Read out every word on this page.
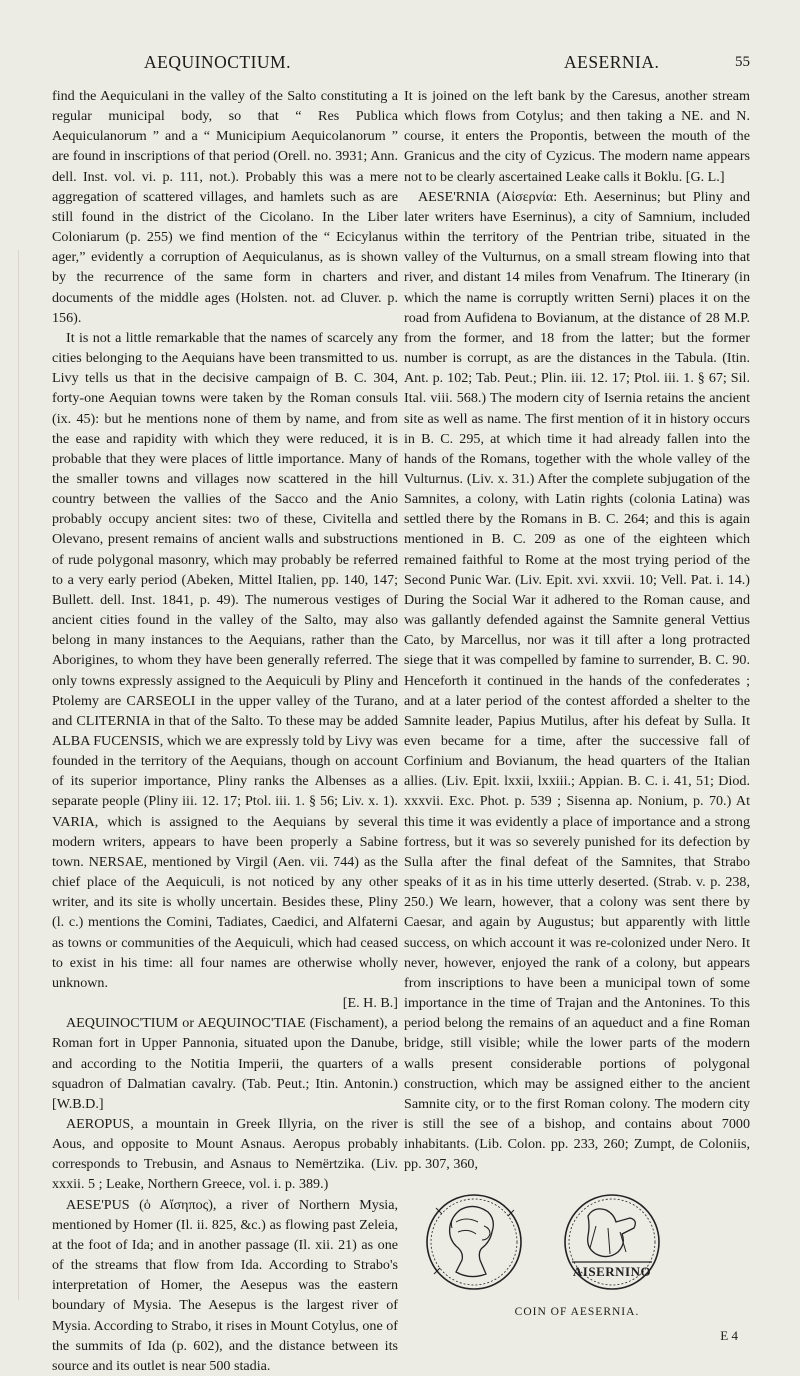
AEQUINOCTIUM.	AESERNIA.	55

find the Aequiculani in the valley of the Salto constituting a regular municipal body, so that “ Res Publica Aequiculanorum ” and a “ Municipium Aequicolanorum ” are found in inscriptions of that period (Orell. no. 3931; Ann. dell. Inst. vol. vi. p. 111, not.). Probably this was a mere aggregation of scattered villages, and hamlets such as are still found in the district of the Cicolano. In the Liber Coloniarum (p. 255) we find mention of the “ Ecicylanus ager,” evidently a corruption of Aequiculanus, as is shown by the recurrence of the same form in charters and documents of the middle ages (Holsten. not. ad Cluver. p. 156).

It is not a little remarkable that the names of scarcely any cities belonging to the Aequians have been transmitted to us. Livy tells us that in the decisive campaign of B. C. 304, forty-one Aequian towns were taken by the Roman consuls (ix. 45): but he mentions none of them by name, and from the ease and rapidity with which they were reduced, it is probable that they were places of little importance. Many of the smaller towns and villages now scattered in the hill country between the vallies of the Sacco and the Anio probably occupy ancient sites: two of these, Civitella and Olevano, present remains of ancient walls and substructions of rude polygonal masonry, which may probably be referred to a very early period (Abeken, Mittel Italien, pp. 140, 147; Bullett. dell. Inst. 1841, p. 49). The numerous vestiges of ancient cities found in the valley of the Salto, may also belong in many instances to the Aequians, rather than the Aborigines, to whom they have been generally referred. The only towns expressly assigned to the Aequiculi by Pliny and Ptolemy are CARSEOLI in the upper valley of the Turano, and CLITERNIA in that of the Salto. To these may be added ALBA FUCENSIS, which we are expressly told by Livy was founded in the territory of the Aequians, though on account of its superior importance, Pliny ranks the Albenses as a separate people (Pliny iii. 12. 17; Ptol. iii. 1. § 56; Liv. x. 1). VARIA, which is assigned to the Aequians by several modern writers, appears to have been properly a Sabine town. NERSAE, mentioned by Virgil (Aen. vii. 744) as the chief place of the Aequiculi, is not noticed by any other writer, and its site is wholly uncertain. Besides these, Pliny (l. c.) mentions the Comini, Tadiates, Caedici, and Alfaterni as towns or communities of the Aequiculi, which had ceased to exist in his time: all four names are otherwise wholly unknown.

[E. H. B.]

AEQUINOC'TIUM or AEQUINOC'TIAE (Fischament), a Roman fort in Upper Pannonia, situated upon the Danube, and according to the Notitia Imperii, the quarters of a squadron of Dalmatian cavalry. (Tab. Peut.; Itin. Antonin.) [W.B.D.]

AEROPUS, a mountain in Greek Illyria, on the river Aous, and opposite to Mount Asnaus. Aeropus probably corresponds to Trebusin, and Asnaus to Nemërtzika. (Liv. xxxii. 5 ; Leake, Northern Greece, vol. i. p. 389.)

AESE'PUS (ὁ Αἴσηπος), a river of Northern Mysia, mentioned by Homer (Il. ii. 825, &c.) as flowing past Zeleia, at the foot of Ida; and in another passage (Il. xii. 21) as one of the streams that flow from Ida. According to Strabo's interpretation of Homer, the Aesepus was the eastern boundary of Mysia. The Aesepus is the largest river of Mysia. According to Strabo, it rises in Mount Cotylus, one of the summits of Ida (p. 602), and the distance between its source and its outlet is near 500 stadia.

It is joined on the left bank by the Caresus, another stream which flows from Cotylus; and then taking a NE. and N. course, it enters the Propontis, between the mouth of the Granicus and the city of Cyzicus. The modern name appears not to be clearly ascertained Leake calls it Boklu. [G. L.]

AESE'RNIA (Αἰσερνία: Eth. Aeserninus; but Pliny and later writers have Eserninus), a city of Samnium, included within the territory of the Pentrian tribe, situated in the valley of the Vulturnus, on a small stream flowing into that river, and distant 14 miles from Venafrum. The Itinerary (in which the name is corruptly written Serni) places it on the road from Aufidena to Bovianum, at the distance of 28 M.P. from the former, and 18 from the latter; but the former number is corrupt, as are the distances in the Tabula. (Itin. Ant. p. 102; Tab. Peut.; Plin. iii. 12. 17; Ptol. iii. 1. § 67; Sil. Ital. viii. 568.) The modern city of Isernia retains the ancient site as well as name. The first mention of it in history occurs in B. C. 295, at which time it had already fallen into the hands of the Romans, together with the whole valley of the Vulturnus. (Liv. x. 31.) After the complete subjugation of the Samnites, a colony, with Latin rights (colonia Latina) was settled there by the Romans in B. C. 264; and this is again mentioned in B. C. 209 as one of the eighteen which remained faithful to Rome at the most trying period of the Second Punic War. (Liv. Epit. xvi. xxvii. 10; Vell. Pat. i. 14.) During the Social War it adhered to the Roman cause, and was gallantly defended against the Samnite general Vettius Cato, by Marcellus, nor was it till after a long protracted siege that it was compelled by famine to surrender, B. C. 90. Henceforth it continued in the hands of the confederates ; and at a later period of the contest afforded a shelter to the Samnite leader, Papius Mutilus, after his defeat by Sulla. It even became for a time, after the successive fall of Corfinium and Bovianum, the head quarters of the Italian allies. (Liv. Epit. lxxii, lxxiii.; Appian. B. C. i. 41, 51; Diod. xxxvii. Exc. Phot. p. 539 ; Sisenna ap. Nonium, p. 70.) At this time it was evidently a place of importance and a strong fortress, but it was so severely punished for its defection by Sulla after the final defeat of the Samnites, that Strabo speaks of it as in his time utterly deserted. (Strab. v. p. 238, 250.) We learn, however, that a colony was sent there by Caesar, and again by Augustus; but apparently with little success, on which account it was re-colonized under Nero. It never, however, enjoyed the rank of a colony, but appears from inscriptions to have been a municipal town of some importance in the time of Trajan and the Antonines. To this period belong the remains of an aqueduct and a fine Roman bridge, still visible; while the lower parts of the modern walls present considerable portions of polygonal construction, which may be assigned either to the ancient Samnite city, or to the first Roman colony. The modern city is still the see of a bishop, and contains about 7000 inhabitants. (Lib. Colon. pp. 233, 260; Zumpt, de Coloniis, pp. 307, 360,

AISERNINO
COIN OF AESERNIA.
E 4
